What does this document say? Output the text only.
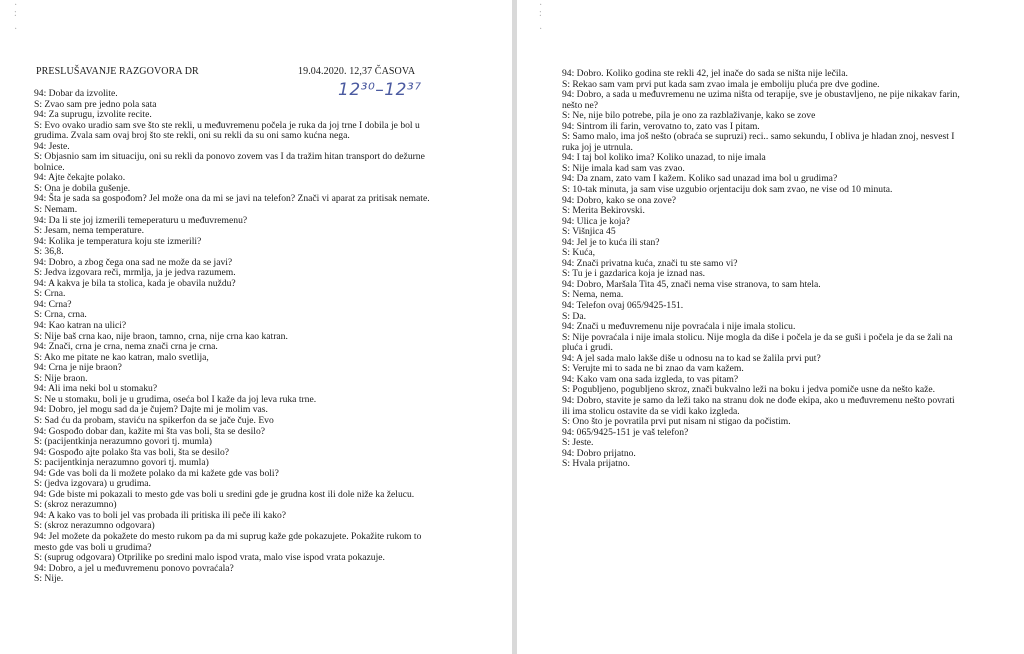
·
:

·
PRESLUŠAVANJE RAZGOVORA DR	19.04.2020. 12,37 ČASOVA
12³⁰–12³⁷
94: Dobar da izvolite.
S: Zvao sam pre jedno pola sata
94: Za suprugu, izvolite recite.
S: Evo ovako uradio sam sve što ste rekli, u međuvremenu počela je ruka da joj trne I dobila je bol u
grudima. Zvala sam ovaj broj što ste rekli, oni su rekli da su oni samo kućna nega.
94: Jeste.
S: Objasnio sam im situaciju, oni su rekli da ponovo zovem vas I da tražim hitan transport do dežurne
bolnice.
94: Ajte čekajte polako.
S: Ona je dobila gušenje.
94: Šta je sada sa gospođom? Jel može ona da mi se javi na telefon? Znači vi aparat za pritisak nemate.
S: Nemam.
94: Da li ste joj izmerili temeperaturu u međuvremenu?
S: Jesam, nema temperature.
94: Kolika je temperatura koju ste izmerili?
S: 36,8.
94: Dobro, a zbog čega ona sad ne može da se javi?
S: Jedva izgovara reči, mrmlja, ja je jedva razumem.
94: A kakva je bila ta stolica, kada je obavila nuždu?
S: Crna.
94: Crna?
S: Crna, crna.
94: Kao katran na ulici?
S: Nije baš crna kao, nije braon, tamno, crna, nije crna kao katran.
94: Znači, crna je crna, nema znači crna je crna.
S: Ako me pitate ne kao katran, malo svetlija,
94: Crna je nije braon?
S: Nije braon.
94: Ali ima neki bol u stomaku?
S: Ne u stomaku, boli je u grudima, oseća bol I kaže da joj leva ruka trne.
94: Dobro, jel mogu sad da je čujem? Dajte mi je molim vas.
S: Sad ću da probam, staviću na spikerfon da se jače čuje. Evo
94: Gospođo dobar dan, kažite mi šta vas boli, šta se desilo?
S: (pacijentkinja nerazumno govori tj. mumla)
94: Gospođo ajte polako šta vas boli, šta se desilo?
S: pacijentkinja nerazumno govori tj. mumla)
94: Gde vas boli da li možete polako da mi kažete gde vas boli?
S: (jedva izgovara) u grudima.
94: Gde biste mi pokazali to mesto gde vas boli u sredini gde je grudna kost ili dole niže ka želucu.
S: (skroz nerazumno)
94: A kako vas to boli jel vas probada ili pritiska ili peče ili kako?
S: (skroz nerazumno odgovara)
94: Jel možete da pokažete do mesto rukom pa da mi suprug kaže gde pokazujete. Pokažite rukom to
mesto gde vas boli u grudima?
S: (suprug odgovara) Otprilike po sredini malo ispod vrata, malo vise ispod vrata pokazuje.
94: Dobro, a jel u međuvremenu ponovo povraćala?
S: Nije.
·
:

·
94: Dobro. Koliko godina ste rekli 42, jel inače do sada se ništa nije lečila.
S: Rekao sam vam prvi put kada sam zvao imala je emboliju pluća pre dve godine.
94: Dobro, a sada u međuvremenu ne uzima ništa od terapije, sve je obustavljeno, ne pije nikakav farin,
nešto ne?
S: Ne, nije bilo potrebe, pila je ono za razblaživanje, kako se zove
94: Sintrom ili farin, verovatno to, zato vas I pitam.
S: Samo malo, ima još nešto (obraća se supruzi) reci.. samo sekundu, I obliva je hladan znoj, nesvest I
ruka joj je utrnula.
94: I taj bol koliko ima? Koliko unazad, to nije imala
S: Nije imala kad sam vas zvao.
94: Da znam, zato vam I kažem. Koliko sad unazad ima bol u grudima?
S: 10-tak minuta, ja sam vise uzgubio orjentaciju dok sam zvao, ne vise od 10 minuta.
94: Dobro, kako se ona zove?
S: Merita Bekirovski.
94: Ulica je koja?
S: Višnjica 45
94: Jel je to kuća ili stan?
S: Kuća,
94: Znači privatna kuća, znači tu ste samo vi?
S: Tu je i gazdarica koja je iznad nas.
94: Dobro, Maršala Tita 45, znači nema vise stranova, to sam htela.
S: Nema, nema.
94: Telefon ovaj 065/9425-151.
S: Da.
94: Znači u međuvremenu nije povraćala i nije imala stolicu.
S: Nije povraćala i nije imala stolicu. Nije mogla da diše i počela je da se guši i počela je da se žali na
pluća i grudi.
94: A jel sada malo lakše diše u odnosu na to kad se žalila prvi put?
S: Verujte mi to sada ne bi znao da vam kažem.
94: Kako vam ona sada izgleda, to vas pitam?
S: Pogubljeno, pogubljeno skroz, znači bukvalno leži na boku i jedva pomiče usne da nešto kaže.
94: Dobro, stavite je samo da leži tako na stranu dok ne dođe ekipa, ako u međuvremenu nešto povrati
ili ima stolicu ostavite da se vidi kako izgleda.
S: Ono što je povratila prvi put nisam ni stigao da počistim.
94: 065/9425-151 je vaš telefon?
S: Jeste.
94: Dobro prijatno.
S: Hvala prijatno.
